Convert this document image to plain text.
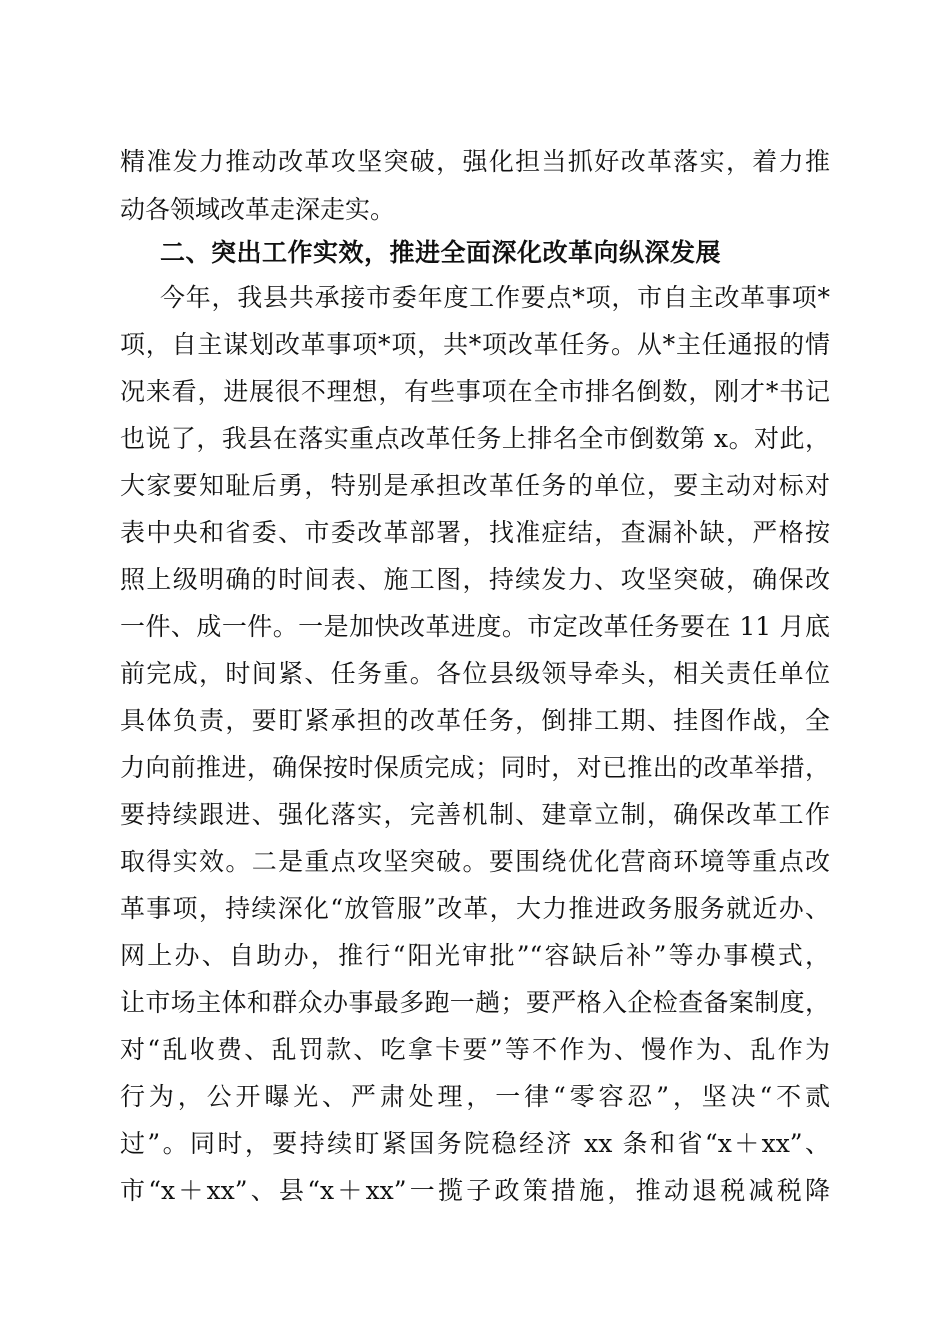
精准发力推动改革攻坚突破，强化担当抓好改革落实，着力推
动各领域改革走深走实。
二、突出工作实效，推进全面深化改革向纵深发展
今年，我县共承接市委年度工作要点*项，市自主改革事项*
项，自主谋划改革事项*项，共*项改革任务。从*主任通报的情
况来看，进展很不理想，有些事项在全市排名倒数，刚才*书记
也说了，我县在落实重点改革任务上排名全市倒数第 x。对此，
大家要知耻后勇，特别是承担改革任务的单位，要主动对标对
表中央和省委、市委改革部署，找准症结，查漏补缺，严格按
照上级明确的时间表、施工图，持续发力、攻坚突破，确保改
一件、成一件。一是加快改革进度。市定改革任务要在 11 月底
前完成，时间紧、任务重。各位县级领导牵头，相关责任单位
具体负责，要盯紧承担的改革任务，倒排工期、挂图作战，全
力向前推进，确保按时保质完成；同时，对已推出的改革举措，
要持续跟进、强化落实，完善机制、建章立制，确保改革工作
取得实效。二是重点攻坚突破。要围绕优化营商环境等重点改
革事项，持续深化“放管服”改革，大力推进政务服务就近办、
网上办、自助办，推行“阳光审批”“容缺后补”等办事模式，
让市场主体和群众办事最多跑一趟；要严格入企检查备案制度，
对“乱收费、乱罚款、吃拿卡要”等不作为、慢作为、乱作为
行为，公开曝光、严肃处理，一律“零容忍”，坚决“不贰
过”。同时，要持续盯紧国务院稳经济 xx 条和省“x＋xx”、
市“x＋xx”、县“x＋xx”一揽子政策措施，推动退税减税降
